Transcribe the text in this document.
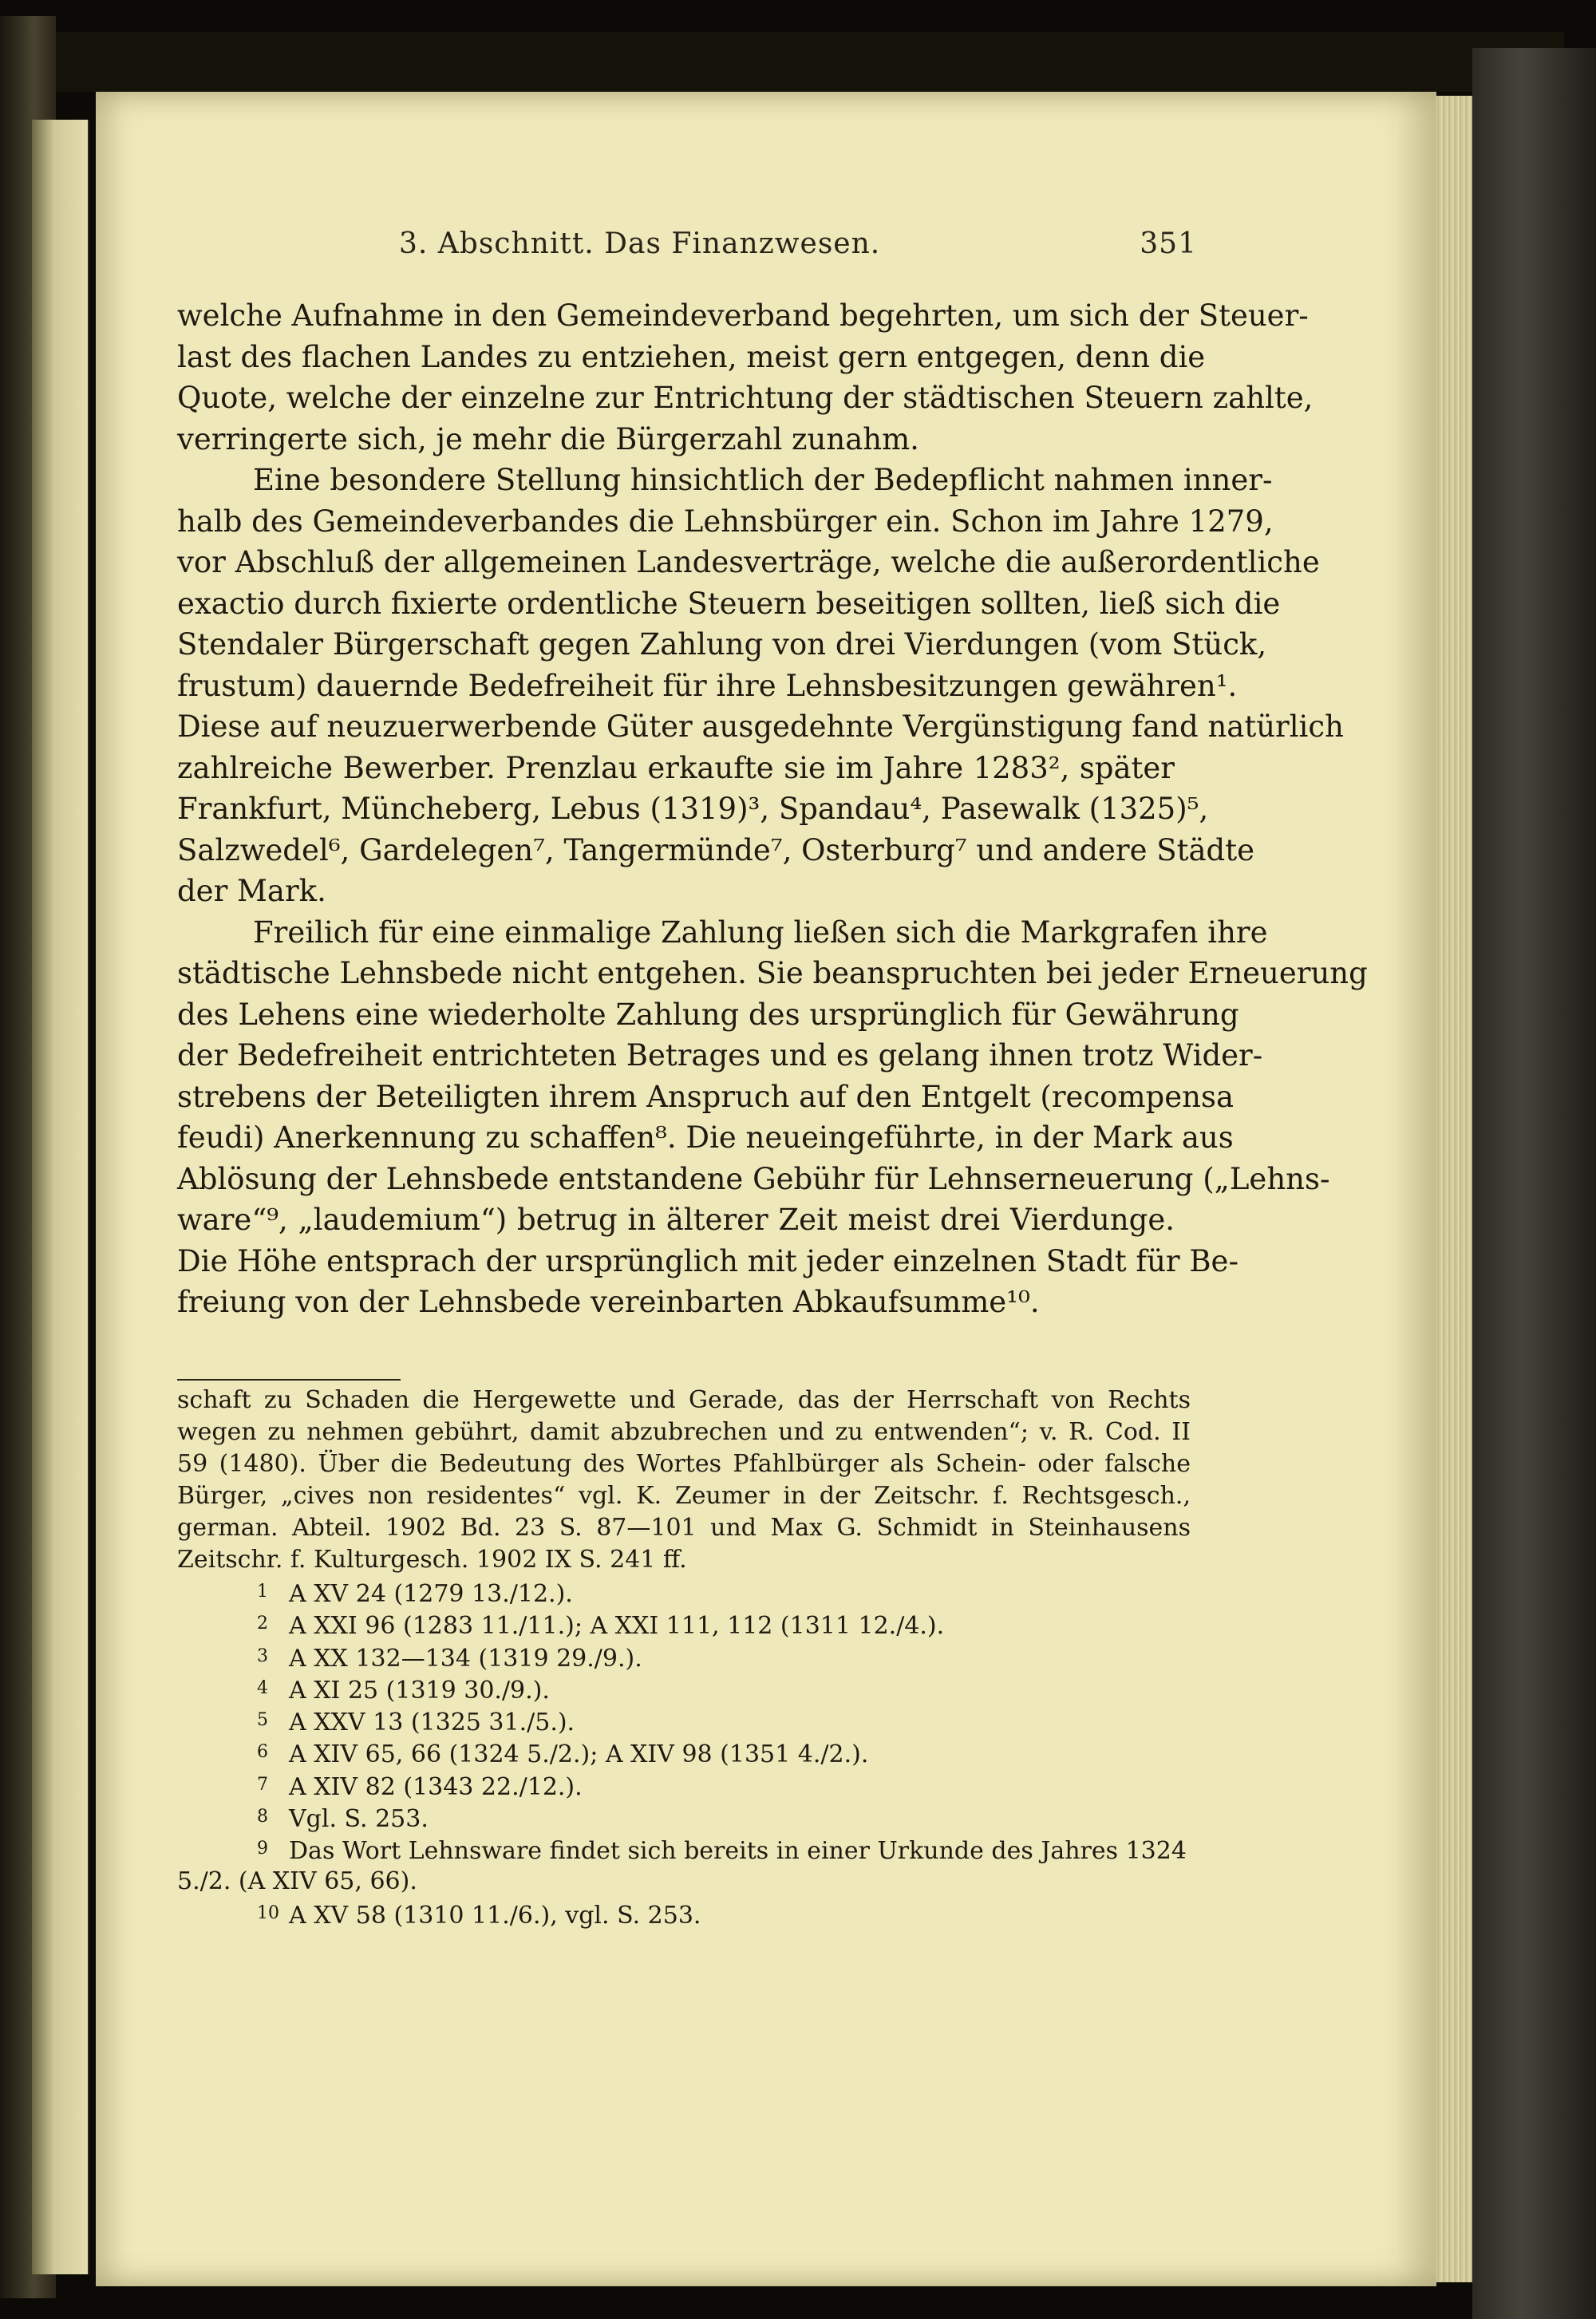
3. Abschnitt. Das Finanzwesen.	351
welche Aufnahme in den Gemeindeverband begehrten, um sich der Steuer-
last des flachen Landes zu entziehen, meist gern entgegen, denn die
Quote, welche der einzelne zur Entrichtung der städtischen Steuern zahlte,
verringerte sich, je mehr die Bürgerzahl zunahm.
Eine besondere Stellung hinsichtlich der Bedepflicht nahmen inner-
halb des Gemeindeverbandes die Lehnsbürger ein. Schon im Jahre 1279,
vor Abschluß der allgemeinen Landesverträge, welche die außerordentliche
exactio durch fixierte ordentliche Steuern beseitigen sollten, ließ sich die
Stendaler Bürgerschaft gegen Zahlung von drei Vierdungen (vom Stück,
frustum) dauernde Bedefreiheit für ihre Lehnsbesitzungen gewähren¹.
Diese auf neuzuerwerbende Güter ausgedehnte Vergünstigung fand natürlich
zahlreiche Bewerber. Prenzlau erkaufte sie im Jahre 1283², später
Frankfurt, Müncheberg, Lebus (1319)³, Spandau⁴, Pasewalk (1325)⁵,
Salzwedel⁶, Gardelegen⁷, Tangermünde⁷, Osterburg⁷ und andere Städte
der Mark.
Freilich für eine einmalige Zahlung ließen sich die Markgrafen ihre
städtische Lehnsbede nicht entgehen. Sie beanspruchten bei jeder Erneuerung
des Lehens eine wiederholte Zahlung des ursprünglich für Gewährung
der Bedefreiheit entrichteten Betrages und es gelang ihnen trotz Wider-
strebens der Beteiligten ihrem Anspruch auf den Entgelt (recompensa
feudi) Anerkennung zu schaffen⁸. Die neueingeführte, in der Mark aus
Ablösung der Lehnsbede entstandene Gebühr für Lehnserneuerung („Lehns-
ware“⁹, „laudemium“) betrug in älterer Zeit meist drei Vierdunge.
Die Höhe entsprach der ursprünglich mit jeder einzelnen Stadt für Be-
freiung von der Lehnsbede vereinbarten Abkaufsumme¹⁰.
schaft zu Schaden die Hergewette und Gerade, das der Herrschaft von Rechts
wegen zu nehmen gebührt, damit abzubrechen und zu entwenden“; v. R. Cod. II
59 (1480). Über die Bedeutung des Wortes Pfahlbürger als Schein- oder falsche
Bürger, „cives non residentes“ vgl. K. Zeumer in der Zeitschr. f. Rechtsgesch.,
german. Abteil. 1902 Bd. 23 S. 87—101 und Max G. Schmidt in Steinhausens
Zeitschr. f. Kulturgesch. 1902 IX S. 241 ff.
1 A XV 24 (1279 13./12.).
2 A XXI 96 (1283 11./11.); A XXI 111, 112 (1311 12./4.).
3 A XX 132—134 (1319 29./9.).
4 A XI 25 (1319 30./9.).
5 A XXV 13 (1325 31./5.).
6 A XIV 65, 66 (1324 5./2.); A XIV 98 (1351 4./2.).
7 A XIV 82 (1343 22./12.).
8 Vgl. S. 253.
9 Das Wort Lehnsware findet sich bereits in einer Urkunde des Jahres 1324
5./2. (A XIV 65, 66).
10 A XV 58 (1310 11./6.), vgl. S. 253.
